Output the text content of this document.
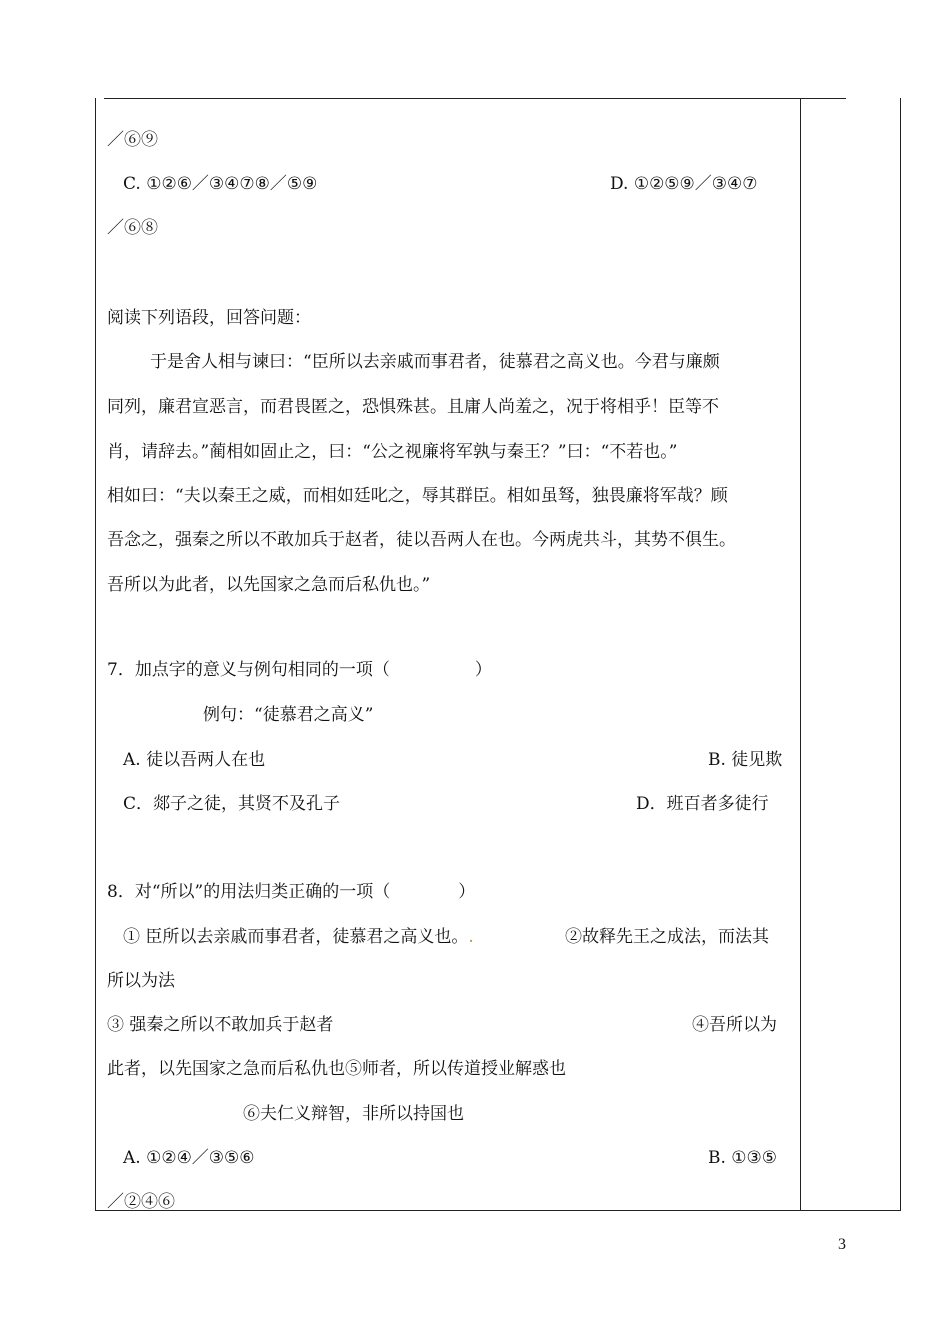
／⑥⑨
C. ①②⑥／③④⑦⑧／⑤⑨	D. ①②⑤⑨／③④⑦
／⑥⑧
阅读下列语段，回答问题：
于是舍人相与谏曰：“臣所以去亲戚而事君者，徒慕君之高义也。今君与廉颇
同列，廉君宣恶言，而君畏匿之，恐惧殊甚。且庸人尚羞之，况于将相乎！臣等不
肖，请辞去。”蔺相如固止之，曰：“公之视廉将军孰与秦王？”曰：“不若也。”
相如曰：“夫以秦王之威，而相如廷叱之，辱其群臣。相如虽驽，独畏廉将军哉？顾
吾念之，强秦之所以不敢加兵于赵者，徒以吾两人在也。今两虎共斗，其势不俱生。
吾所以为此者，以先国家之急而后私仇也。”
7．加点字的意义与例句相同的一项（　　　　　）
例句：“徒慕君之高义”
A. 徒以吾两人在也	B. 徒见欺
C．郯子之徒，其贤不及孔子	D．班百者多徒行
8．对“所以”的用法归类正确的一项（　　　　）
① 臣所以去亲戚而事君者，徒慕君之高义也。.	②故释先王之成法，而法其
所以为法
③ 强秦之所以不敢加兵于赵者	④吾所以为
此者，以先国家之急而后私仇也⑤师者，所以传道授业解惑也
⑥夫仁义辩智，非所以持国也
A. ①②④／③⑤⑥	B. ①③⑤
／②④⑥
3
